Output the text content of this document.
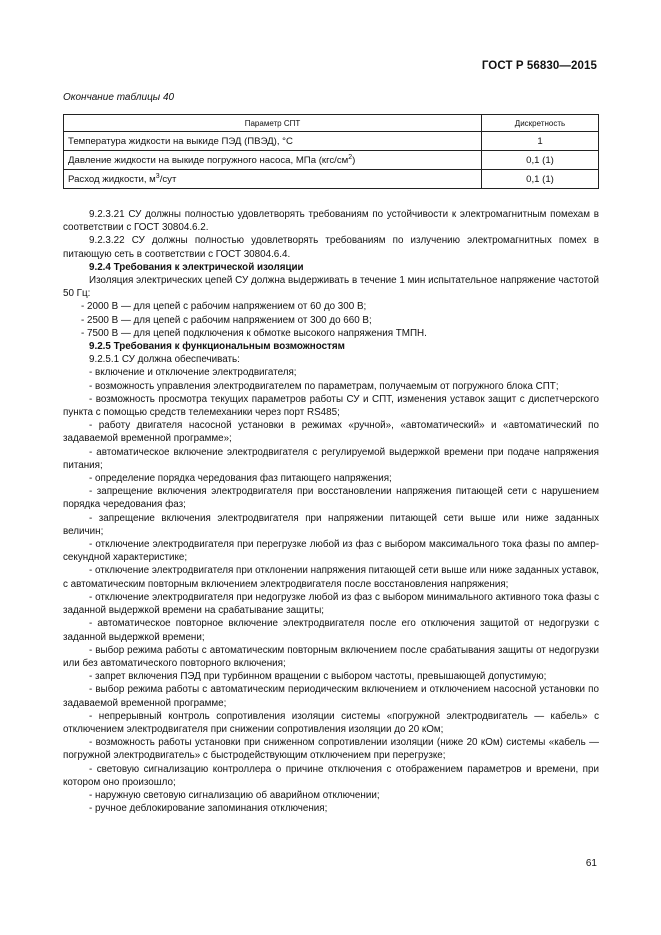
ГОСТ Р 56830—2015
Окончание таблицы 40
Параметр СПТ	Дискретность
Температура жидкости на выкиде ПЭД (ПВЭД), °С	1
Давление жидкости на выкиде погружного насоса, МПа $(кгс/см^2)$	0,1 (1)
Расход жидкости, $м^3$/сут	0,1 (1)

9.2.3.21 СУ должны полностью удовлетворять требованиям по устойчивости к электромагнитным помехам в соответствии с ГОСТ 30804.6.2.

9.2.3.22 СУ должны полностью удовлетворять требованиям по излучению электромагнитных помех в питающую сеть в соответствии с ГОСТ 30804.6.4.

9.2.4 Требования к электрической изоляции

Изоляция электрических цепей СУ должна выдерживать в течение 1 мин испытательное напряжение частотой 50 Гц:

- 2000 В — для цепей с рабочим напряжением от 60 до 300 В;

- 2500 В — для цепей с рабочим напряжением от 300 до 660 В;

- 7500 В — для цепей подключения к обмотке высокого напряжения ТМПН.

9.2.5 Требования к функциональным возможностям

9.2.5.1 СУ должна обеспечивать:

- включение и отключение электродвигателя;

- возможность управления электродвигателем по параметрам, получаемым от погружного блока СПТ;

- возможность просмотра текущих параметров работы СУ и СПТ, изменения уставок защит с диспетчерского пункта с помощью средств телемеханики через порт RS485;

- работу двигателя насосной установки в режимах «ручной», «автоматический» и «автоматический по задаваемой временной программе»;

- автоматическое включение электродвигателя с регулируемой выдержкой времени при подаче напряжения питания;

- определение порядка чередования фаз питающего напряжения;

- запрещение включения электродвигателя при восстановлении напряжения питающей сети с нарушением порядка чередования фаз;

- запрещение включения электродвигателя при напряжении питающей сети выше или ниже заданных величин;

- отключение электродвигателя при перегрузке любой из фаз с выбором максимального тока фазы по амперсекундной характеристике;

- отключение электродвигателя при отклонении напряжения питающей сети выше или ниже заданных уставок, с автоматическим повторным включением электродвигателя после восстановления напряжения;

- отключение электродвигателя при недогрузке любой из фаз с выбором минимального активного тока фазы с заданной выдержкой времени на срабатывание защиты;

- автоматическое повторное включение электродвигателя после его отключения защитой от недогрузки с заданной выдержкой времени;

- выбор режима работы с автоматическим повторным включением после срабатывания защиты от недогрузки или без автоматического повторного включения;

- запрет включения ПЭД при турбинном вращении с выбором частоты, превышающей допустимую;

- выбор режима работы с автоматическим периодическим включением и отключением насосной установки по задаваемой временной программе;

- непрерывный контроль сопротивления изоляции системы «погружной электродвигатель — кабель» с отключением электродвигателя при снижении сопротивления изоляции до 20 кОм;

- возможность работы установки при сниженном сопротивлении изоляции (ниже 20 кОм) системы «кабель — погружной электродвигатель» с быстродействующим отключением при перегрузке;

- световую сигнализацию контроллера о причине отключения с отображением параметров и времени, при котором оно произошло;

- наружную световую сигнализацию об аварийном отключении;

- ручное деблокирование запоминания отключения;

61
